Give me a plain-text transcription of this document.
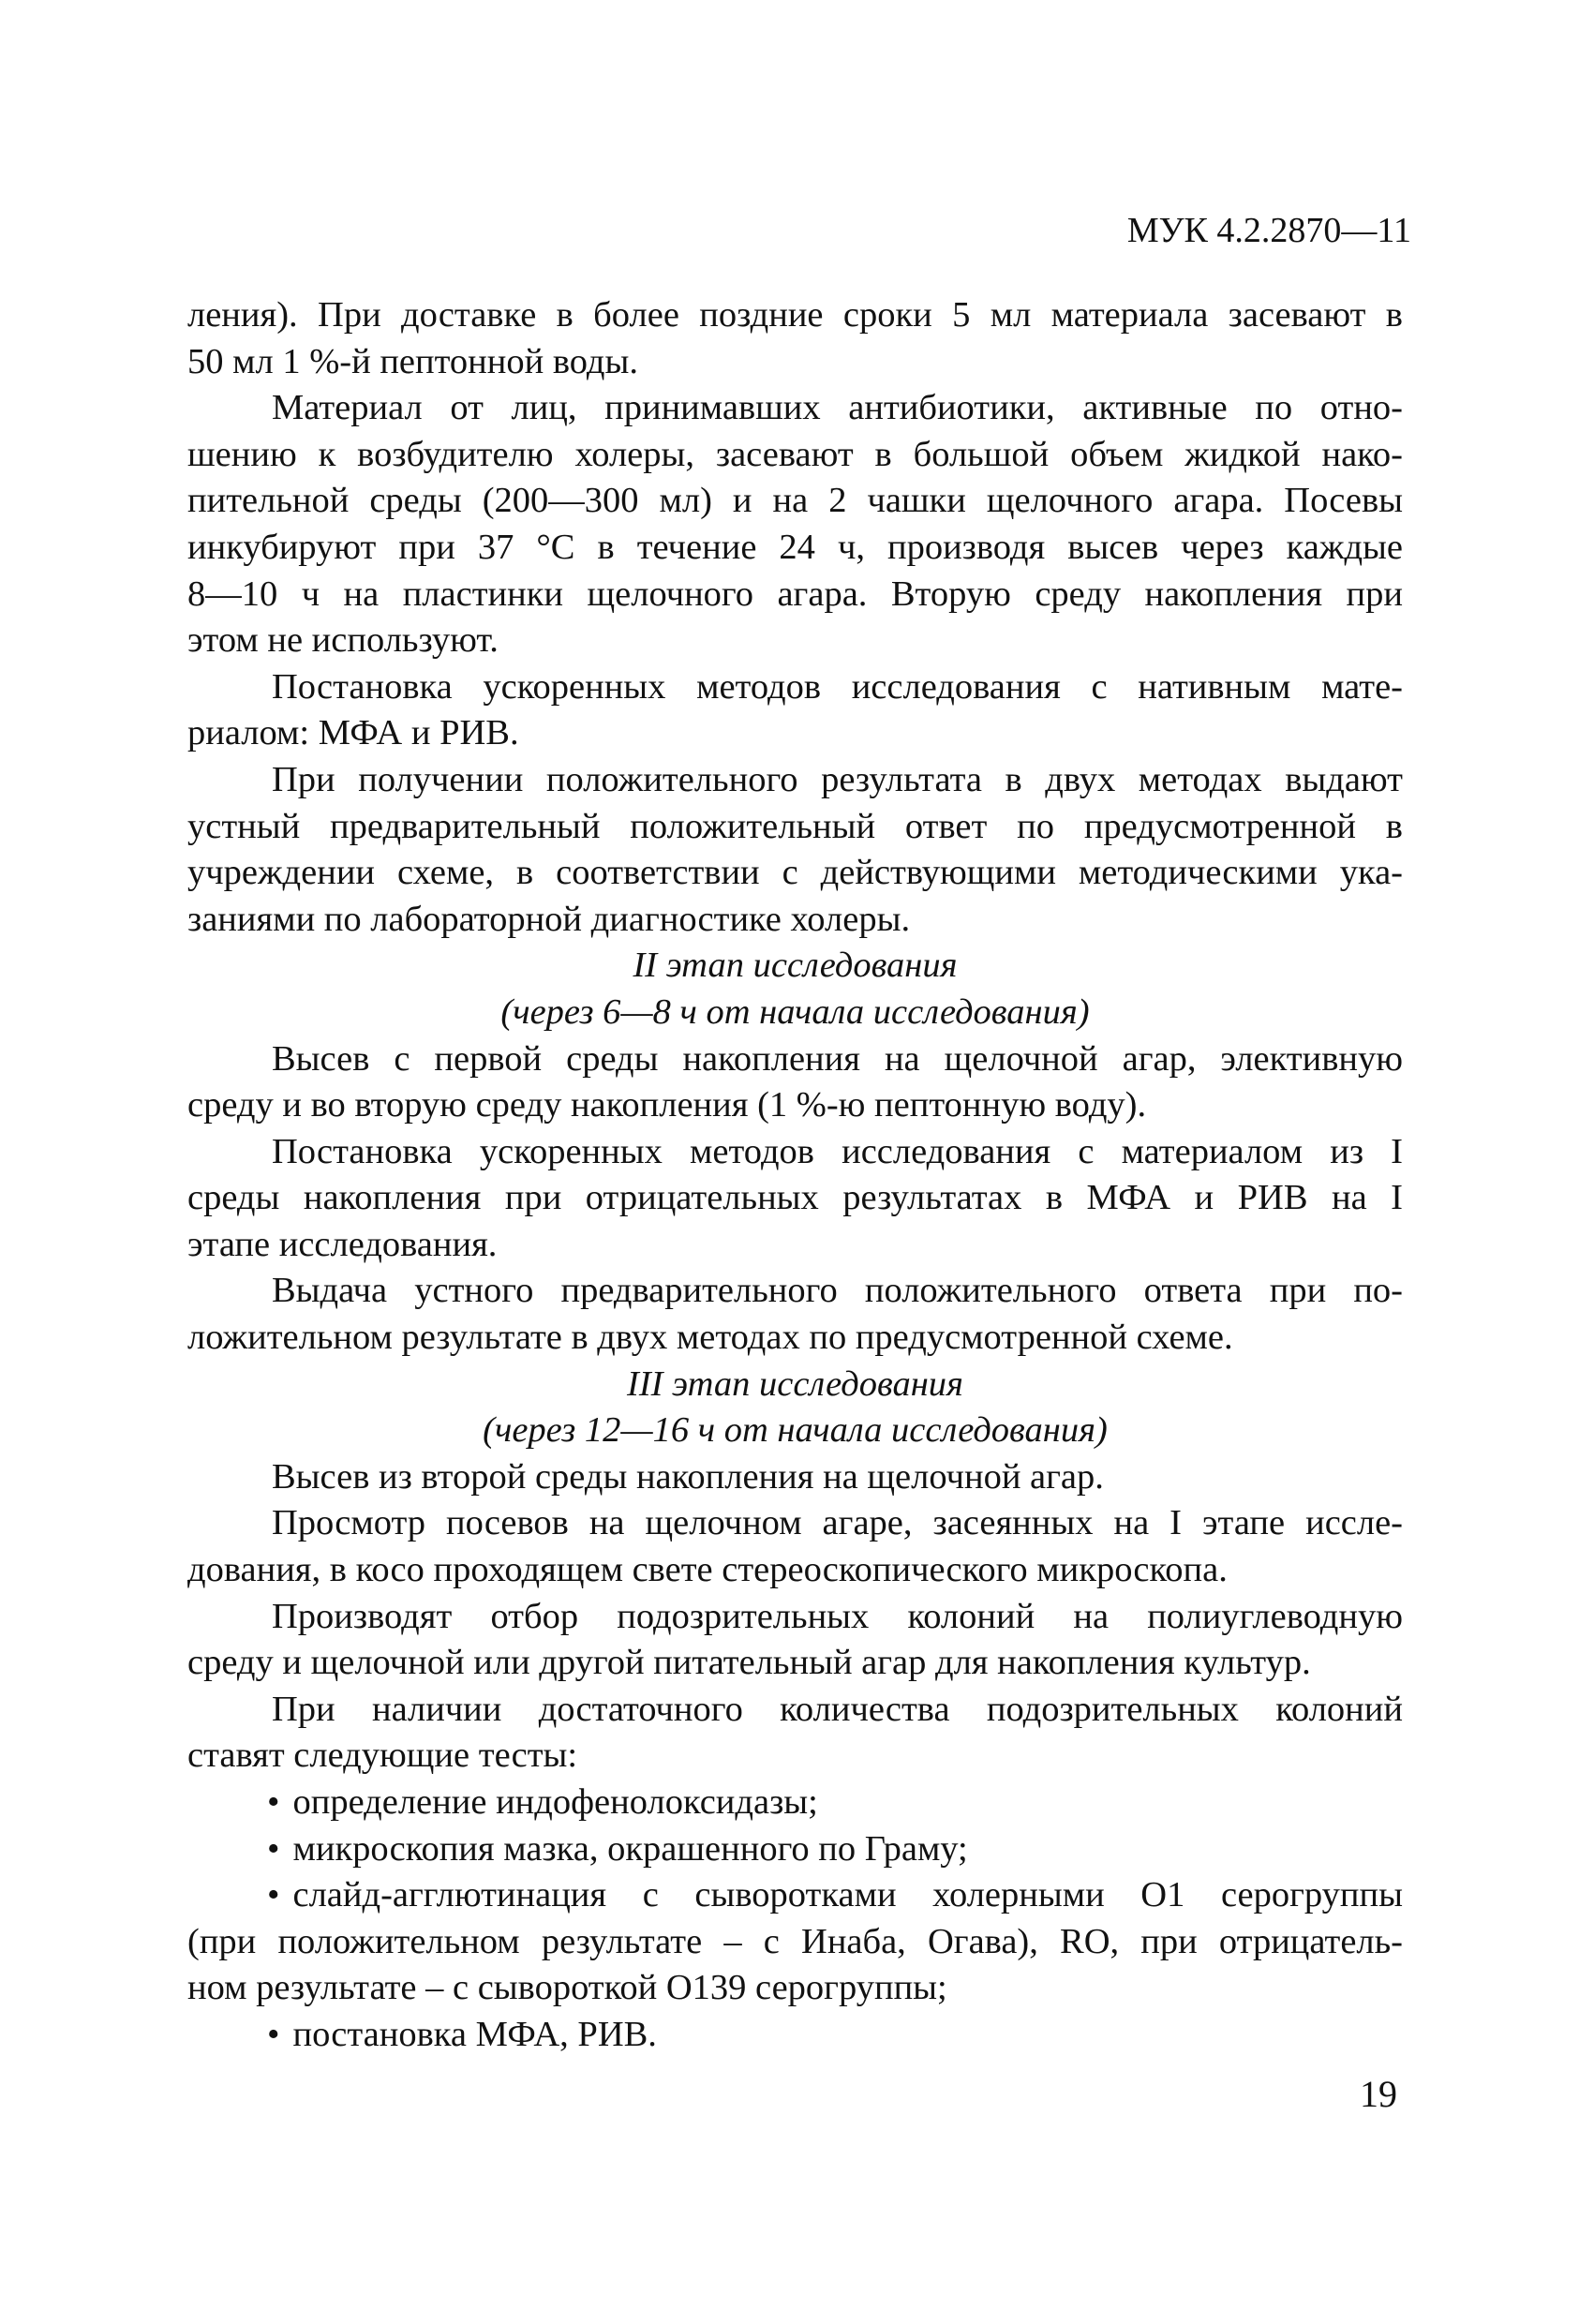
МУК 4.2.2870—11
ления). При доставке в более поздние сроки 5 мл материала засевают в
50 мл 1 %-й пептонной воды.
Материал от лиц, принимавших антибиотики, активные по отно-
шению к возбудителю холеры, засевают в большой объем жидкой нако-
пительной среды (200—300 мл) и на 2 чашки щелочного агара. Посевы
инкубируют при 37 °С в течение 24 ч, производя высев через каждые
8—10 ч на пластинки щелочного агара. Вторую среду накопления при
этом не используют.
Постановка ускоренных методов исследования с нативным мате-
риалом: МФА и РИВ.
При получении положительного результата в двух методах выдают
устный предварительный положительный ответ по предусмотренной в
учреждении схеме, в соответствии с действующими методическими ука-
заниями по лабораторной диагностике холеры.
II этап исследования
(через 6—8 ч от начала исследования)
Высев с первой среды накопления на щелочной агар, элективную
среду и во вторую среду накопления (1 %-ю пептонную воду).
Постановка ускоренных методов исследования с материалом из I
среды накопления при отрицательных результатах в МФА и РИВ на I
этапе исследования.
Выдача устного предварительного положительного ответа при по-
ложительном результате в двух методах по предусмотренной схеме.
III этап исследования
(через 12—16 ч от начала исследования)
Высев из второй среды накопления на щелочной агар.
Просмотр посевов на щелочном агаре, засеянных на I этапе иссле-
дования, в косо проходящем свете стереоскопического микроскопа.
Производят отбор подозрительных колоний на полиуглеводную
среду и щелочной или другой питательный агар для накопления культур.
При наличии достаточного количества подозрительных колоний
ставят следующие тесты:
• определение индофенолоксидазы;
• микроскопия мазка, окрашенного по Граму;
• слайд-агглютинация с сыворотками холерными О1 серогруппы
(при положительном результате – с Инаба, Огава), RO, при отрицатель-
ном результате – с сывороткой О139 серогруппы;
• постановка МФА, РИВ.
19
